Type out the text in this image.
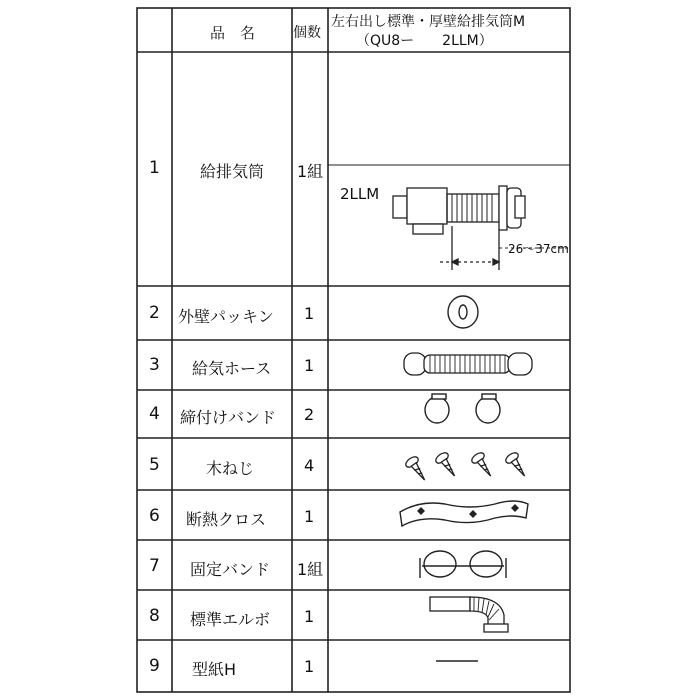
品　名	個数
左右出し標準・厚壁給排気筒M
（QU8ー　　2LLM）
1	給排気筒 1組
2LLM
26〜37cm
2 外壁パッキン 1
3 給気ホース 1
4 締付けバンド 2
5	木ねじ	4
6 断熱クロス 1
7 固定バンド 1組
8 標準エルボ 1
9 型紙H	1
